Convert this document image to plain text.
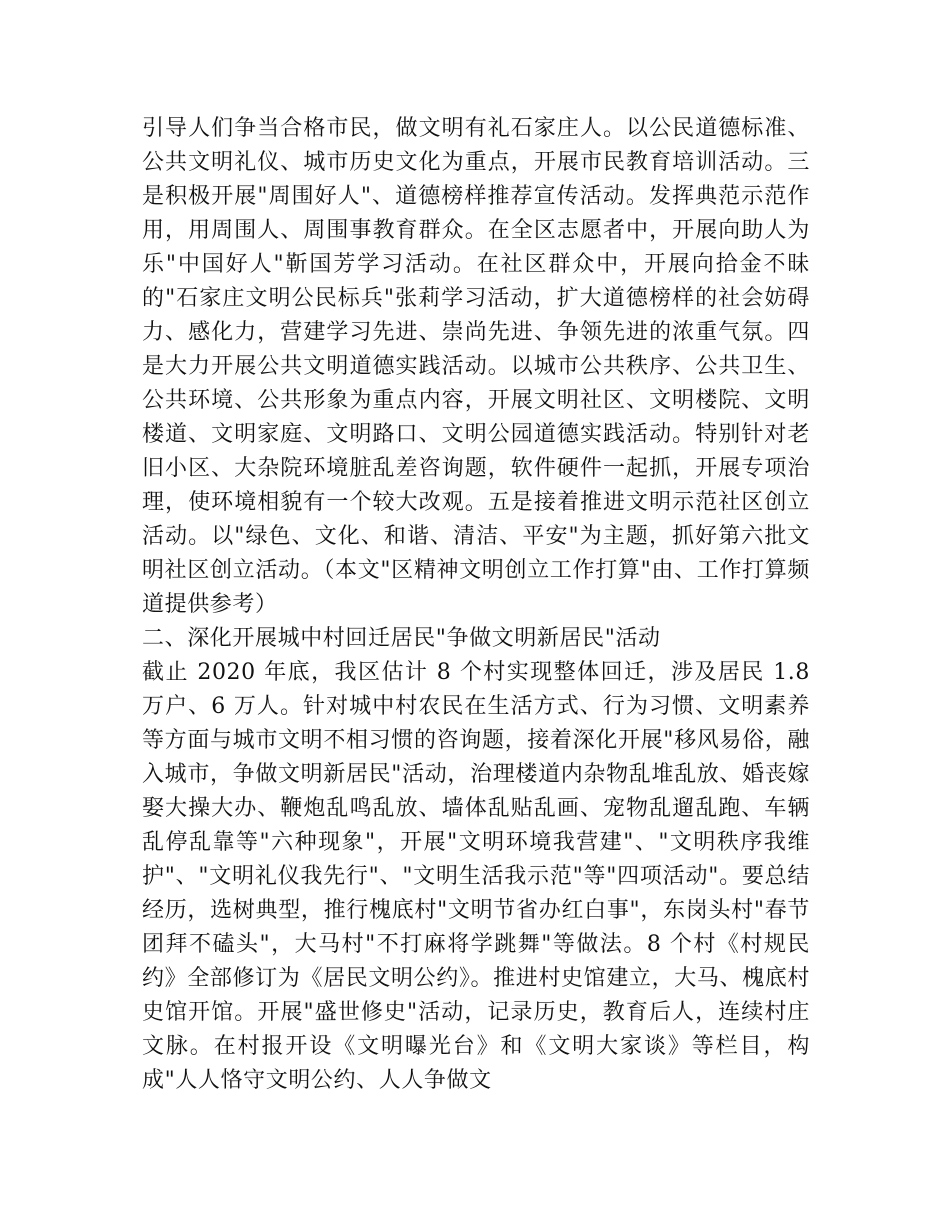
引导人们争当合格市民，做文明有礼石家庄人。以公民道德标准、公共文明礼仪、城市历史文化为重点，开展市民教育培训活动。三是积极开展"周围好人"、道德榜样推荐宣传活动。发挥典范示范作用，用周围人、周围事教育群众。在全区志愿者中，开展向助人为乐"中国好人"靳国芳学习活动。在社区群众中，开展向拾金不昧的"石家庄文明公民标兵"张莉学习活动，扩大道德榜样的社会妨碍力、感化力，营建学习先进、崇尚先进、争领先进的浓重气氛。四是大力开展公共文明道德实践活动。以城市公共秩序、公共卫生、公共环境、公共形象为重点内容，开展文明社区、文明楼院、文明楼道、文明家庭、文明路口、文明公园道德实践活动。特别针对老旧小区、大杂院环境脏乱差咨询题，软件硬件一起抓，开展专项治理，使环境相貌有一个较大改观。五是接着推进文明示范社区创立活动。以"绿色、文化、和谐、清洁、平安"为主题，抓好第六批文明社区创立活动。（本文"区精神文明创立工作打算"由、工作打算频道提供参考）

二、深化开展城中村回迁居民"争做文明新居民"活动

截止 2020 年底，我区估计 8 个村实现整体回迁，涉及居民 1.8 万户、6 万人。针对城中村农民在生活方式、行为习惯、文明素养等方面与城市文明不相习惯的咨询题，接着深化开展"移风易俗，融入城市，争做文明新居民"活动，治理楼道内杂物乱堆乱放、婚丧嫁娶大操大办、鞭炮乱鸣乱放、墙体乱贴乱画、宠物乱遛乱跑、车辆乱停乱靠等"六种现象"，开展"文明环境我营建"、"文明秩序我维护"、"文明礼仪我先行"、"文明生活我示范"等"四项活动"。要总结经历，选树典型，推行槐底村"文明节省办红白事"，东岗头村"春节团拜不磕头"，大马村"不打麻将学跳舞"等做法。8 个村《村规民约》全部修订为《居民文明公约》。推进村史馆建立，大马、槐底村史馆开馆。开展"盛世修史"活动，记录历史，教育后人，连续村庄文脉。在村报开设《文明曝光台》和《文明大家谈》等栏目，构成"人人恪守文明公约、人人争做文
